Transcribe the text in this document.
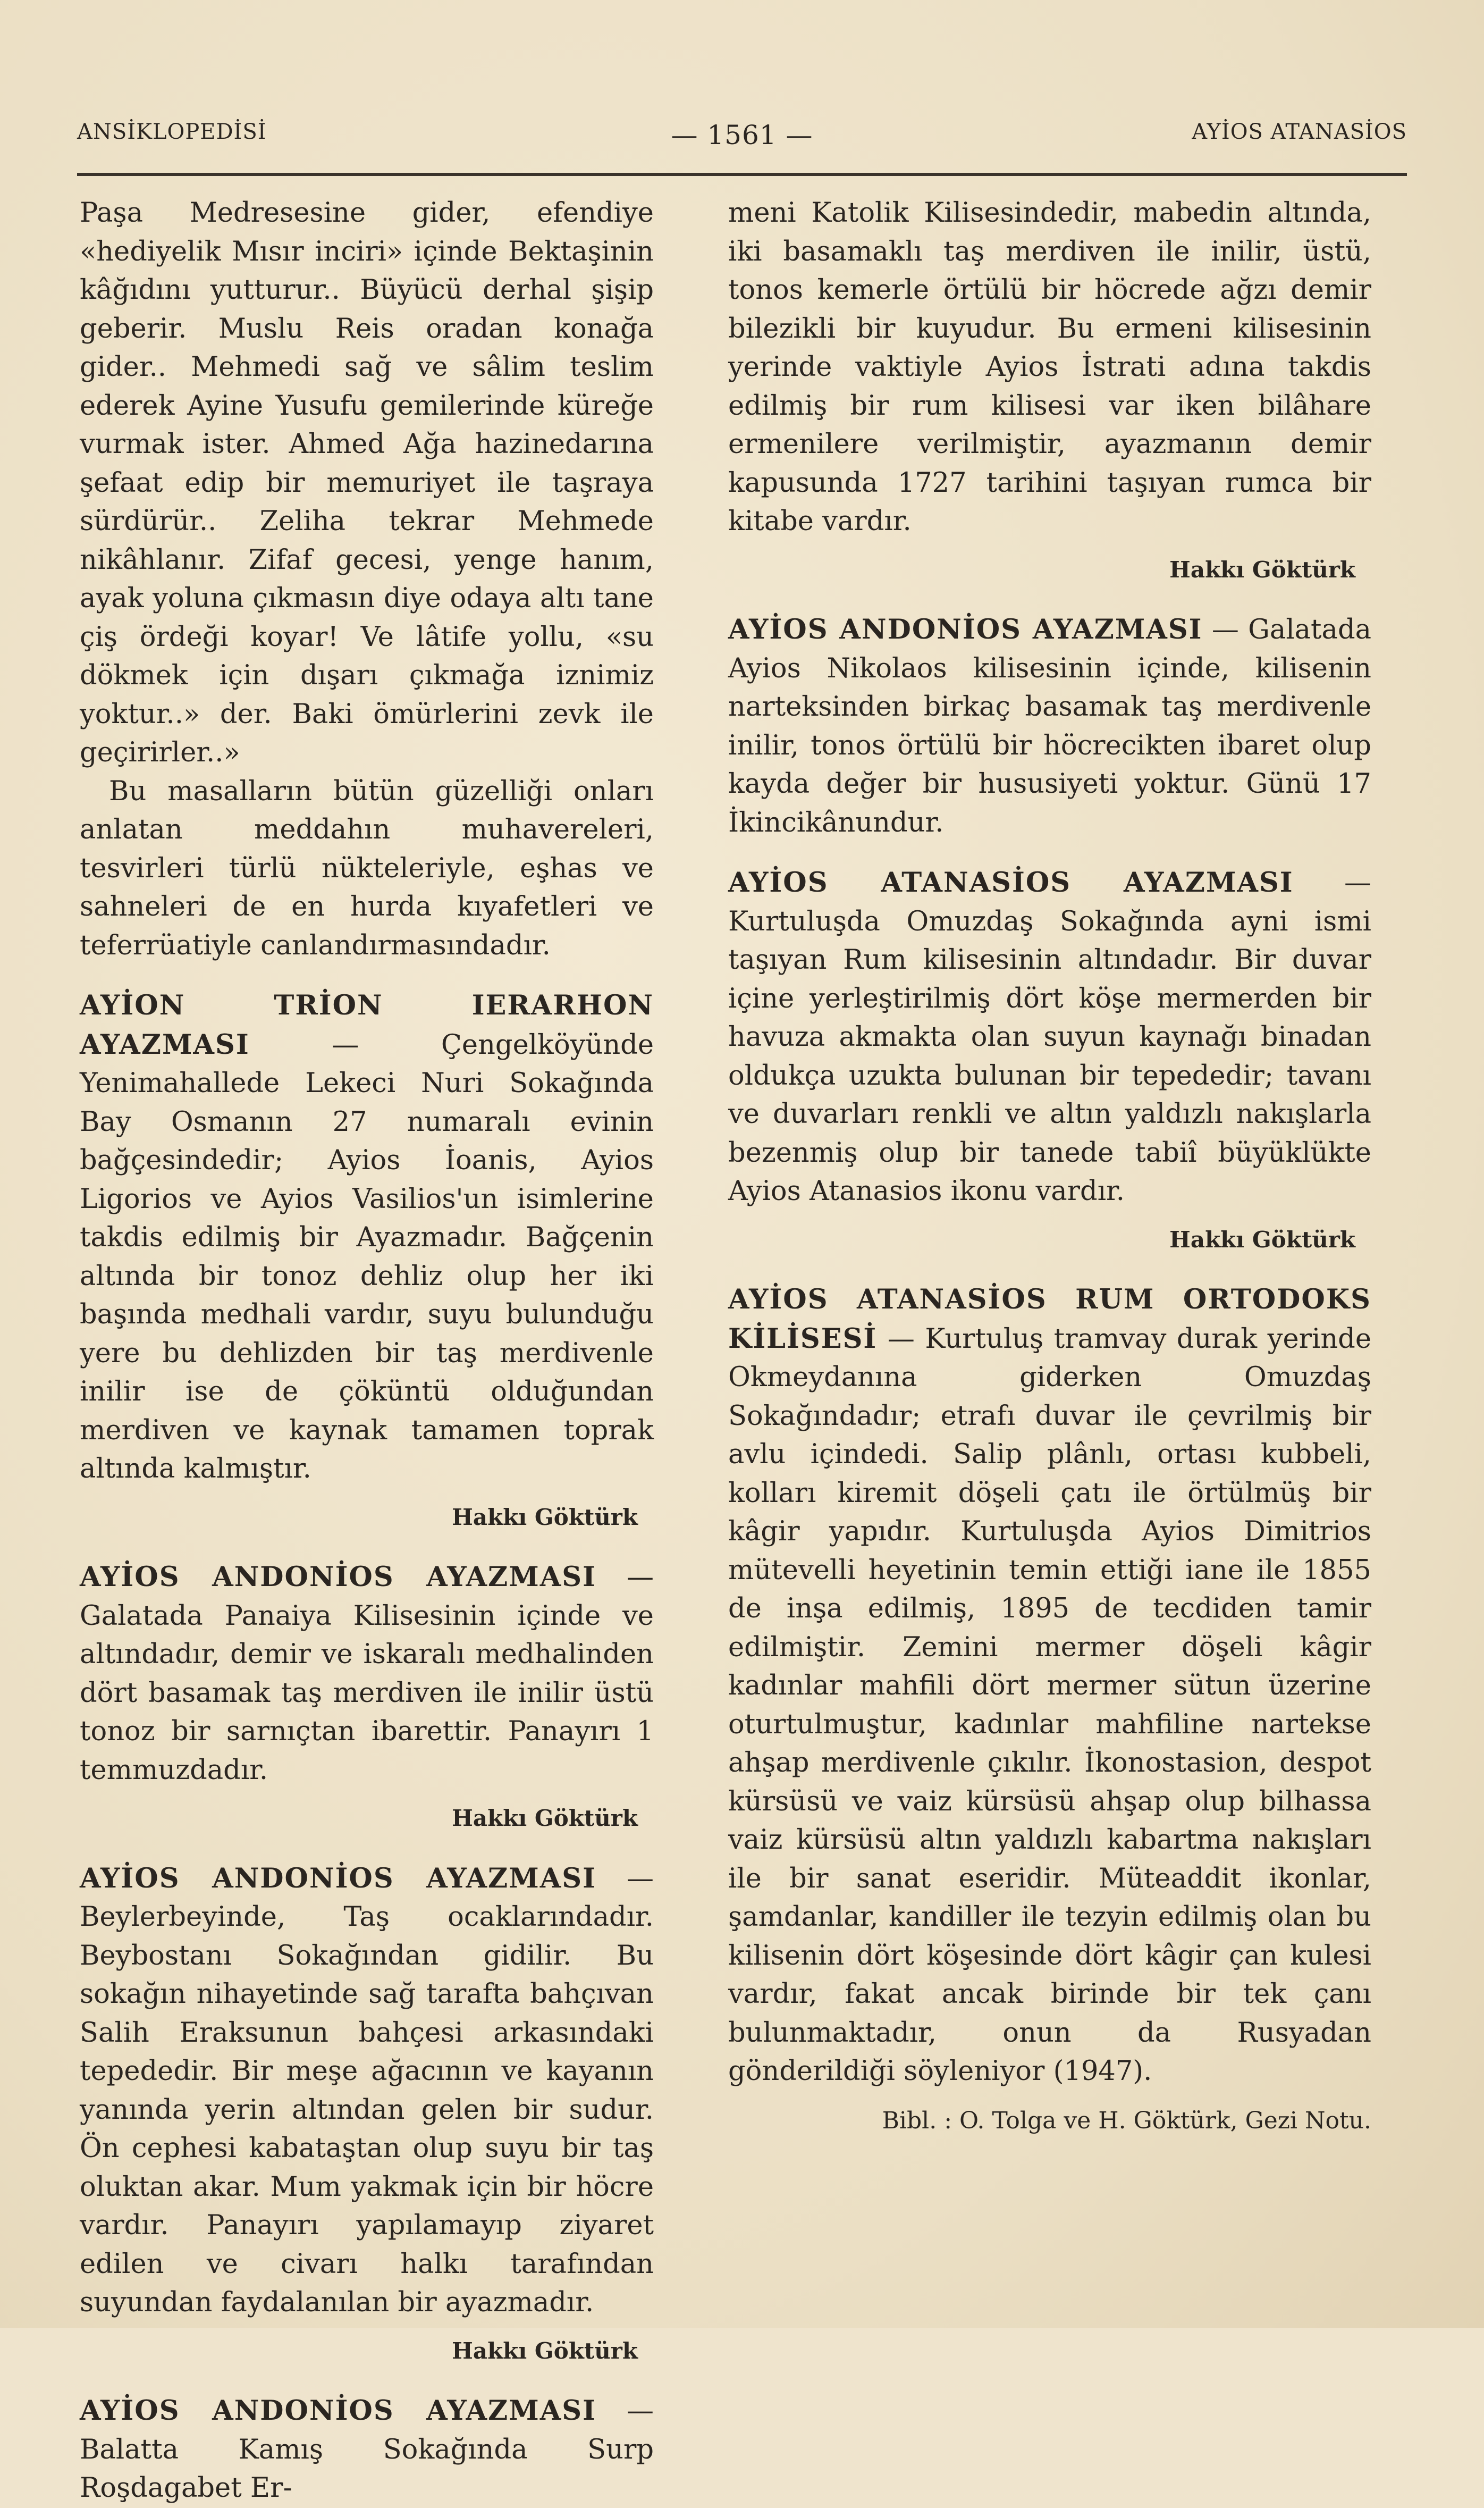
ANSİKLOPEDİSİ	— 1561 —	AYİOS ATANASİOS

Paşa Medresesine gider, efendiye «hediyelik Mısır inciri» içinde Bektaşinin kâğıdını yutturur.. Büyücü derhal şişip geberir. Muslu Reis oradan konağa gider.. Mehmedi sağ ve sâlim teslim ederek Ayine Yusufu gemilerinde küreğe vurmak ister. Ahmed Ağa hazinedarına şefaat edip bir memuriyet ile taşraya sürdürür.. Zeliha tekrar Mehmede nikâhlanır. Zifaf gecesi, yenge hanım, ayak yoluna çıkmasın diye odaya altı tane çiş ördeği koyar! Ve lâtife yollu, «su dökmek için dışarı çıkmağa iznimiz yoktur..» der. Baki ömürlerini zevk ile geçirirler..»

Bu masalların bütün güzelliği onları anlatan meddahın muhavereleri, tesvirleri türlü nükteleriyle, eşhas ve sahneleri de en hurda kıyafetleri ve teferrüatiyle canlandırmasındadır.

AYİON TRİON IERARHON AYAZMASI	— Çengelköyünde Yenimahallede Lekeci Nuri Sokağında Bay Osmanın 27 numaralı evinin bağçesindedir; Ayios İoanis, Ayios Ligorios ve Ayios Vasilios'un isimlerine takdis edilmiş bir Ayazmadır. Bağçenin altında bir tonoz dehliz olup her iki başında medhali vardır, suyu bulunduğu yere bu dehlizden bir taş merdivenle inilir ise de çöküntü olduğundan merdiven ve kaynak tamamen toprak altında kalmıştır.

Hakkı Göktürk

AYİOS ANDONİOS AYAZMASI — Galatada Panaiya Kilisesinin içinde ve altındadır, demir ve iskaralı medhalinden dört basamak taş merdiven ile inilir üstü tonoz bir sarnıçtan ibarettir. Panayırı 1 temmuzdadır.

Hakkı Göktürk

AYİOS ANDONİOS AYAZMASI — Beylerbeyinde, Taş ocaklarındadır. Beybostanı Sokağından gidilir. Bu sokağın nihayetinde sağ tarafta bahçıvan Salih Eraksunun bahçesi arkasındaki tepededir. Bir meşe ağacının ve kayanın yanında yerin altından gelen bir sudur. Ön cephesi kabataştan olup suyu bir taş oluktan akar. Mum yakmak için bir höcre vardır. Panayırı yapılamayıp ziyaret edilen ve civarı halkı tarafından suyundan faydalanılan bir ayazmadır.

Hakkı Göktürk

AYİOS ANDONİOS AYAZMASI — Balatta Kamış Sokağında Surp Roşdagabet Er-

meni Katolik Kilisesindedir, mabedin altında, iki basamaklı taş merdiven ile inilir, üstü, tonos kemerle örtülü bir höcrede ağzı demir bilezikli bir kuyudur. Bu ermeni kilisesinin yerinde vaktiyle Ayios İstrati adına takdis edilmiş bir rum kilisesi var iken bilâhare ermenilere verilmiştir, ayazmanın demir kapusunda 1727 tarihini taşıyan rumca bir kitabe vardır.

Hakkı Göktürk

AYİOS ANDONİOS AYAZMASI — Galatada Ayios Nikolaos kilisesinin içinde, kilisenin narteksinden birkaç basamak taş merdivenle inilir, tonos örtülü bir höcrecikten ibaret olup kayda değer bir hususiyeti yoktur. Günü 17 İkincikânundur.

AYİOS ATANASİOS AYAZMASI — Kurtuluşda Omuzdaş Sokağında ayni ismi taşıyan Rum kilisesinin altındadır. Bir duvar içine yerleştirilmiş dört köşe mermerden bir havuza akmakta olan suyun kaynağı binadan oldukça uzukta bulunan bir tepededir; tavanı ve duvarları renkli ve altın yaldızlı nakışlarla bezenmiş olup bir tanede tabiî büyüklükte Ayios Atanasios ikonu vardır.

Hakkı Göktürk

AYİOS ATANASİOS RUM ORTODOKS KİLİSESİ — Kurtuluş tramvay durak yerinde Okmeydanına giderken Omuzdaş Sokağındadır; etrafı duvar ile çevrilmiş bir avlu içindedi. Salip plânlı, ortası kubbeli, kolları kiremit döşeli çatı ile örtülmüş bir kâgir yapıdır. Kurtuluşda Ayios Dimitrios mütevelli heyetinin temin ettiği iane ile 1855 de inşa edilmiş, 1895 de tecdiden tamir edilmiştir. Zemini mermer döşeli kâgir kadınlar mahfili dört mermer sütun üzerine oturtulmuştur, kadınlar mahfiline nartekse ahşap merdivenle çıkılır. İkonostasion, despot kürsüsü ve vaiz kürsüsü ahşap olup bilhassa vaiz kürsüsü altın yaldızlı kabartma nakışları ile bir sanat eseridir. Müteaddit ikonlar, şamdanlar, kandiller ile tezyin edilmiş olan bu kilisenin dört köşesinde dört kâgir çan kulesi vardır, fakat ancak birinde bir tek çanı bulunmaktadır, onun da Rusyadan gönderildiği söyleniyor (1947).

Bibl. : O. Tolga ve H. Göktürk, Gezi Notu.
